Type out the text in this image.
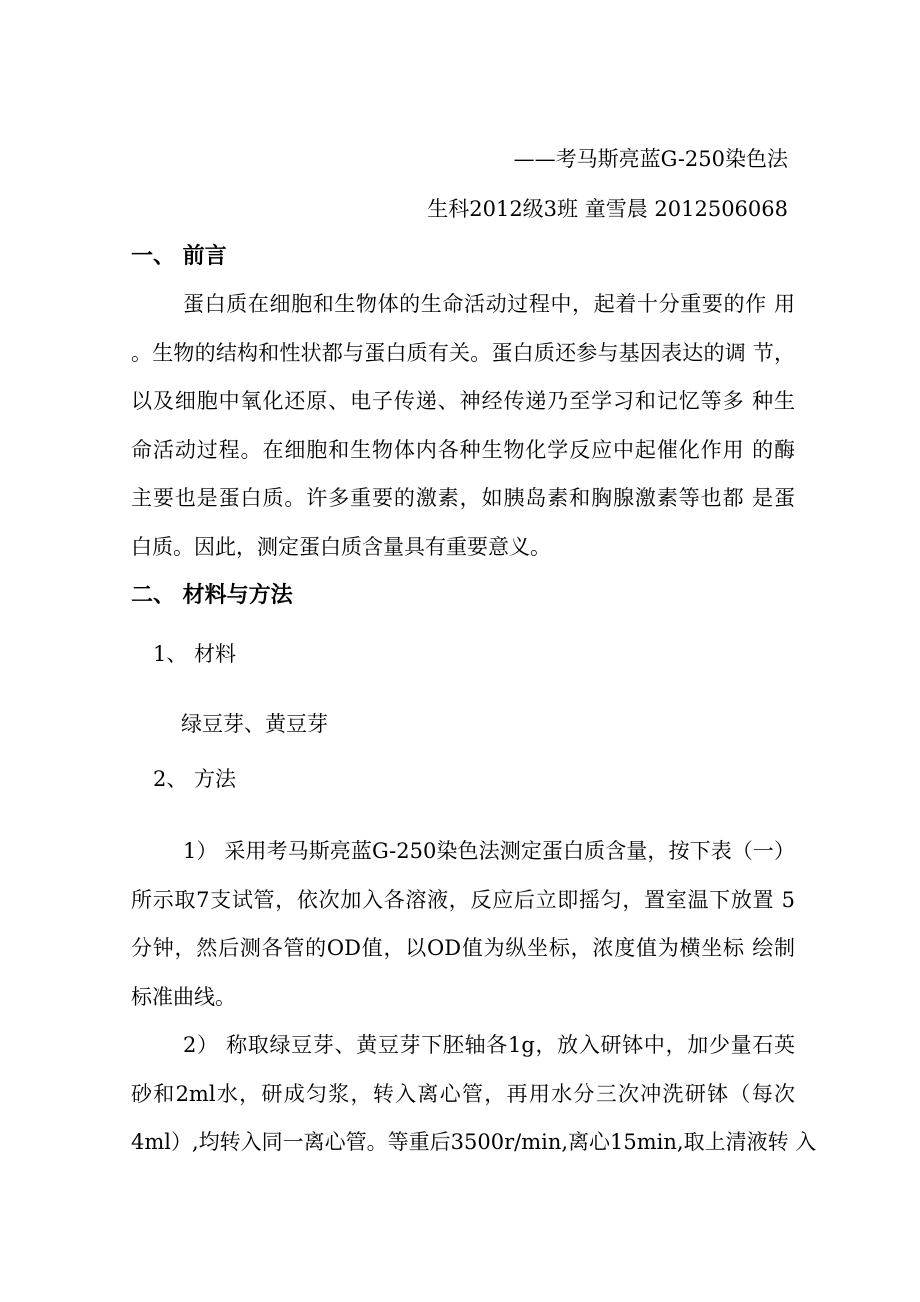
——考马斯亮蓝G-250染色法
生科2012级3班 童雪晨 2012506068
一、 前言
蛋白质在细胞和生物体的生命活动过程中，起着十分重要的作 用
。生物的结构和性状都与蛋白质有关。蛋白质还参与基因表达的调 节，
以及细胞中氧化还原、电子传递、神经传递乃至学习和记忆等多 种生
命活动过程。在细胞和生物体内各种生物化学反应中起催化作用 的酶
主要也是蛋白质。许多重要的激素，如胰岛素和胸腺激素等也都 是蛋
白质。因此，测定蛋白质含量具有重要意义。
二、 材料与方法
1、 材料
绿豆芽、黄豆芽
2、 方法
1） 采用考马斯亮蓝G-250染色法测定蛋白质含量，按下表（一）
所示取7支试管，依次加入各溶液，反应后立即摇匀，置室温下放置 5
分钟，然后测各管的OD值，以OD值为纵坐标，浓度值为横坐标 绘制
标准曲线。
2） 称取绿豆芽、黄豆芽下胚轴各1g，放入研钵中，加少量石英
砂和2ml水，研成匀浆，转入离心管，再用水分三次冲洗研钵（每次
4ml）,均转入同一离心管。等重后3500r/min,离心15min,取上清液转 入
